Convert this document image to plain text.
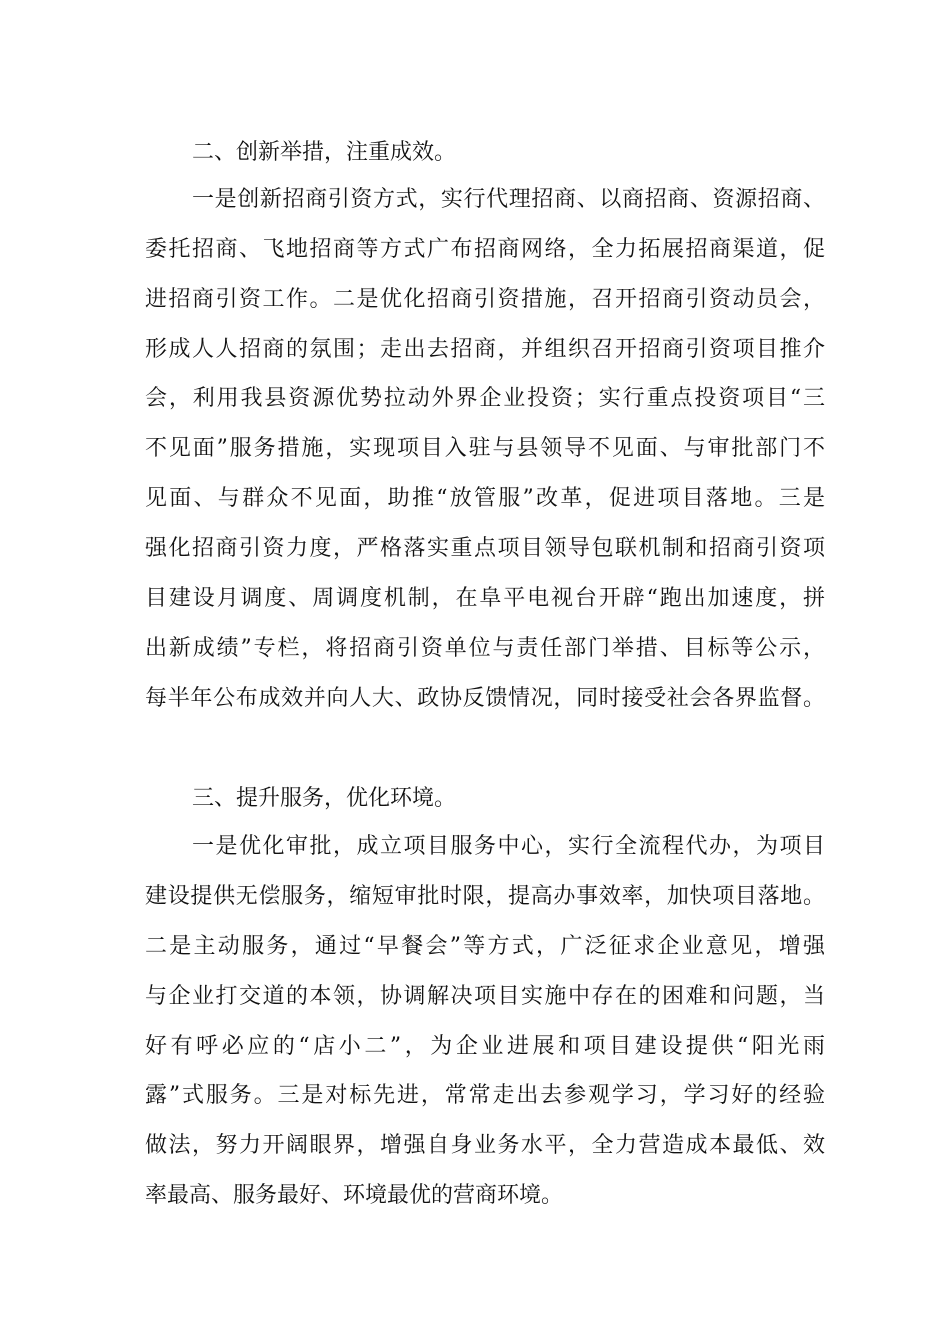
二、创新举措，注重成效。
一是创新招商引资方式，实行代理招商、以商招商、资源招商、
委托招商、飞地招商等方式广布招商网络，全力拓展招商渠道，促
进招商引资工作。二是优化招商引资措施，召开招商引资动员会，
形成人人招商的氛围；走出去招商，并组织召开招商引资项目推介
会，利用我县资源优势拉动外界企业投资；实行重点投资项目“三
不见面”服务措施，实现项目入驻与县领导不见面、与审批部门不
见面、与群众不见面，助推“放管服”改革，促进项目落地。三是
强化招商引资力度，严格落实重点项目领导包联机制和招商引资项
目建设月调度、周调度机制，在阜平电视台开辟“跑出加速度，拼
出新成绩”专栏，将招商引资单位与责任部门举措、目标等公示，
每半年公布成效并向人大、政协反馈情况，同时接受社会各界监督。
三、提升服务，优化环境。
一是优化审批，成立项目服务中心，实行全流程代办，为项目
建设提供无偿服务，缩短审批时限，提高办事效率，加快项目落地。
二是主动服务，通过“早餐会”等方式，广泛征求企业意见，增强
与企业打交道的本领，协调解决项目实施中存在的困难和问题，当
好有呼必应的“店小二”，为企业进展和项目建设提供“阳光雨
露”式服务。三是对标先进，常常走出去参观学习，学习好的经验
做法，努力开阔眼界，增强自身业务水平，全力营造成本最低、效
率最高、服务最好、环境最优的营商环境。
